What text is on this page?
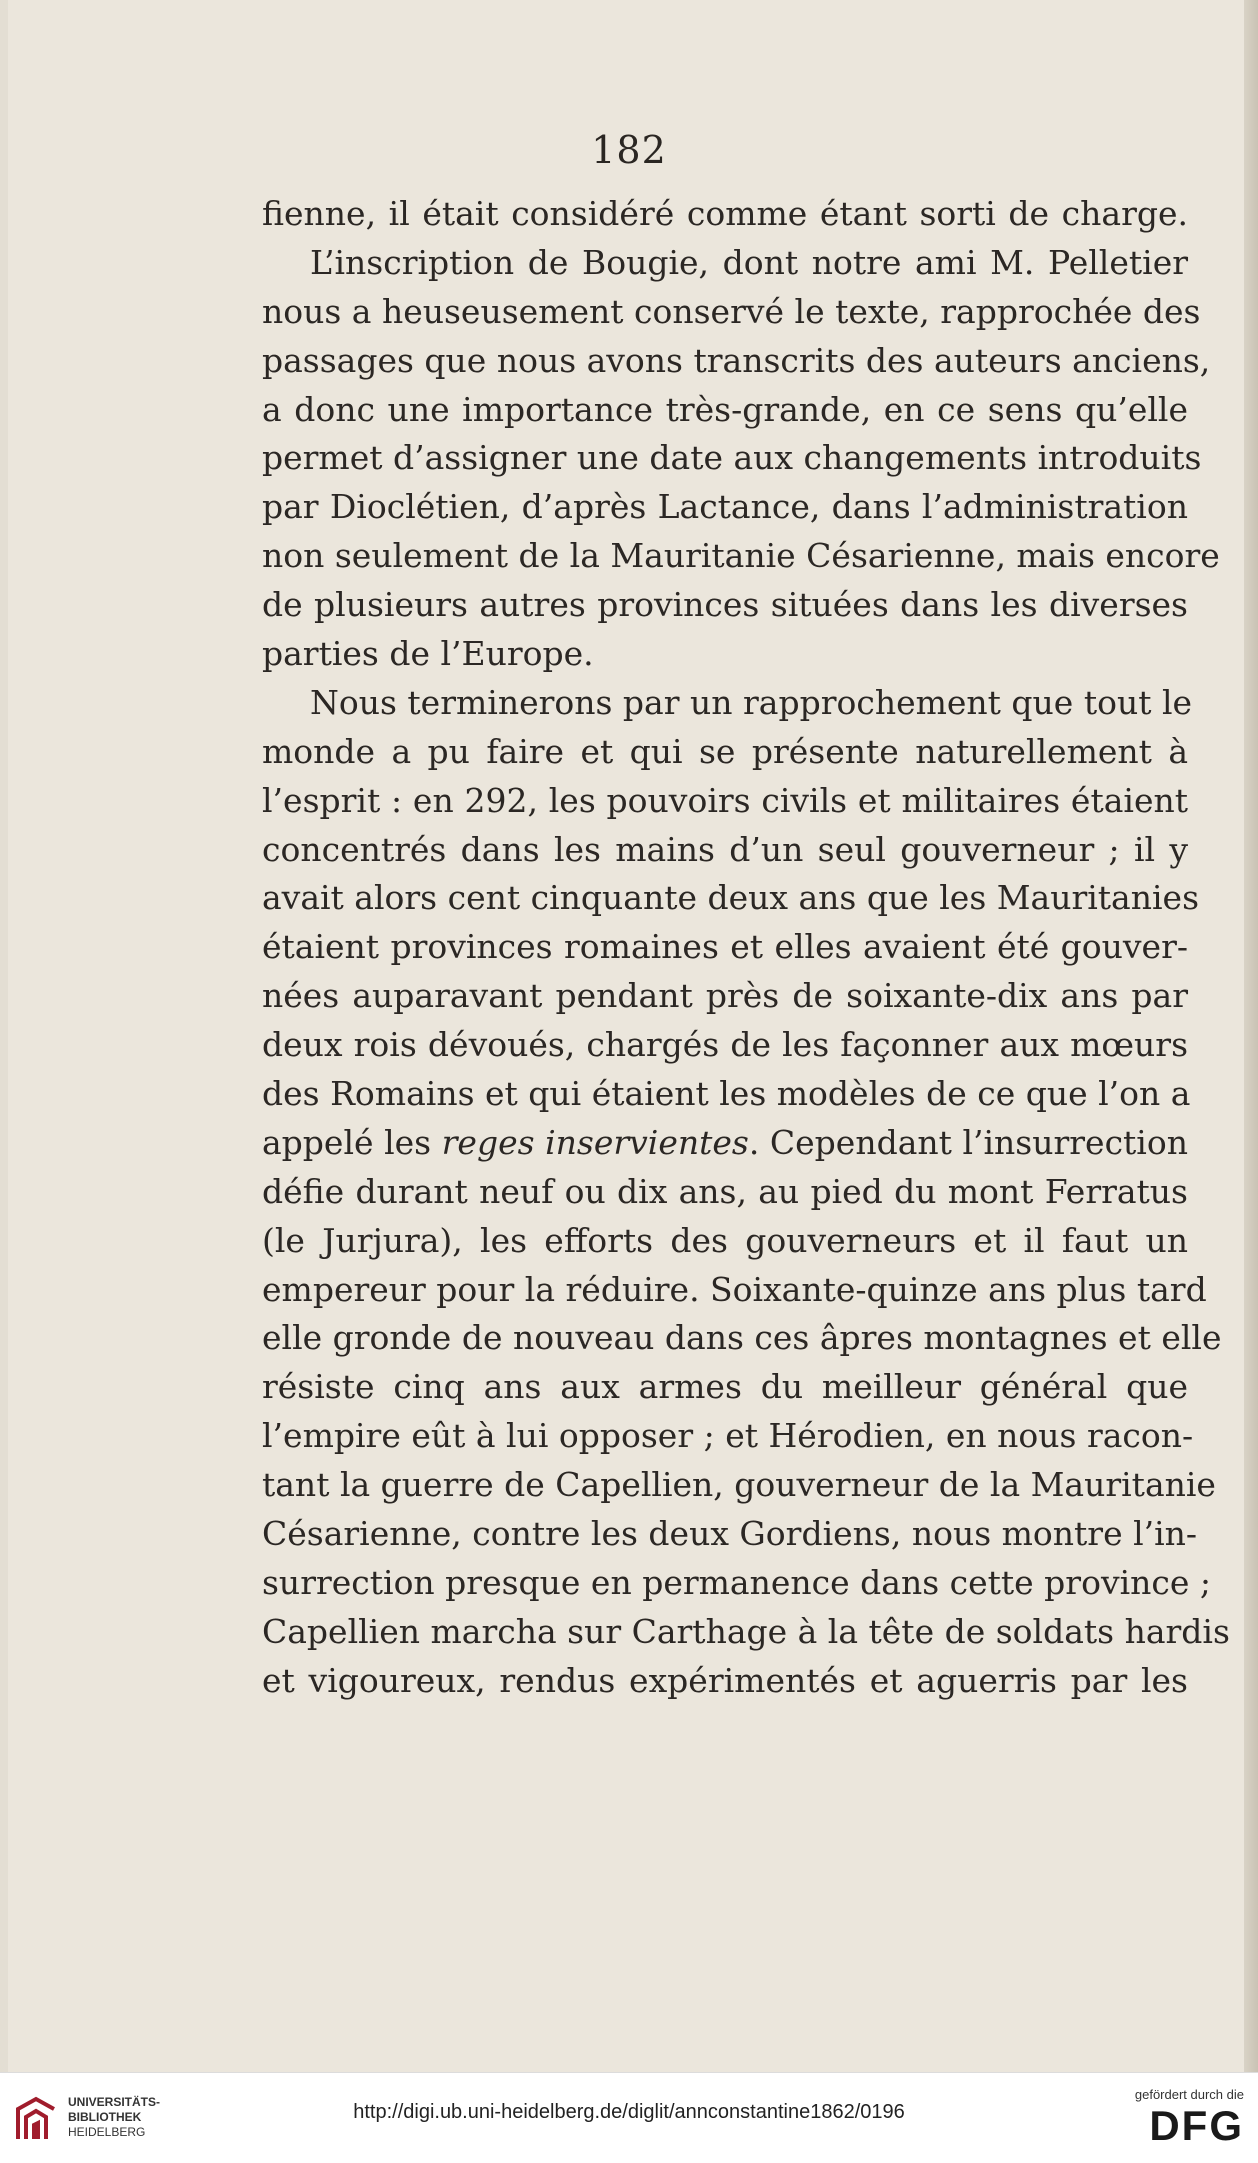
182
fienne, il était considéré comme étant sorti de charge.
L’inscription de Bougie, dont notre ami M. Pelletier
nous a heuseusement conservé le texte, rapprochée des
passages que nous avons transcrits des auteurs anciens,
a donc une importance très-grande, en ce sens qu’elle
permet d’assigner une date aux changements introduits
par Dioclétien, d’après Lactance, dans l’administration
non seulement de la Mauritanie Césarienne, mais encore
de plusieurs autres provinces situées dans les diverses
parties de l’Europe.
Nous terminerons par un rapprochement que tout le
monde a pu faire et qui se présente naturellement à
l’esprit : en 292, les pouvoirs civils et militaires étaient
concentrés dans les mains d’un seul gouverneur ; il y
avait alors cent cinquante deux ans que les Mauritanies
étaient provinces romaines et elles avaient été gouver-
nées auparavant pendant près de soixante-dix ans par
deux rois dévoués, chargés de les façonner aux mœurs
des Romains et qui étaient les modèles de ce que l’on a
appelé les reges inservientes. Cependant l’insurrection
défie durant neuf ou dix ans, au pied du mont Ferratus
(le Jurjura), les efforts des gouverneurs et il faut un
empereur pour la réduire. Soixante-quinze ans plus tard
elle gronde de nouveau dans ces âpres montagnes et elle
résiste cinq ans aux armes du meilleur général que
l’empire eût à lui opposer ; et Hérodien, en nous racon-
tant la guerre de Capellien, gouverneur de la Mauritanie
Césarienne, contre les deux Gordiens, nous montre l’in-
surrection presque en permanence dans cette province ;
Capellien marcha sur Carthage à la tête de soldats hardis
et vigoureux, rendus expérimentés et aguerris par les
UNIVERSITÄTS-
BIBLIOTHEK
HEIDELBERG
http://digi.ub.uni-heidelberg.de/diglit/annconstantine1862/0196
gefördert durch die
DFG
